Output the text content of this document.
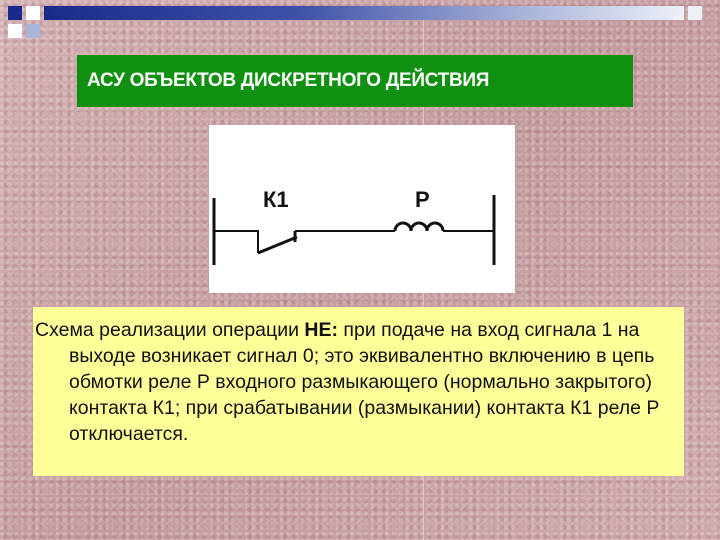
АСУ ОБЪЕКТОВ ДИСКРЕТНОГО ДЕЙСТВИЯ
К1	Р

Схема реализации операции НЕ: при подаче на вход сигнала 1 на выходе возникает сигнал 0; это эквивалентно включению в цепь обмотки реле Р входного размыкающего (нормально закрытого) контакта К1; при срабатывании (размыкании) контакта К1 реле Р отключается.
